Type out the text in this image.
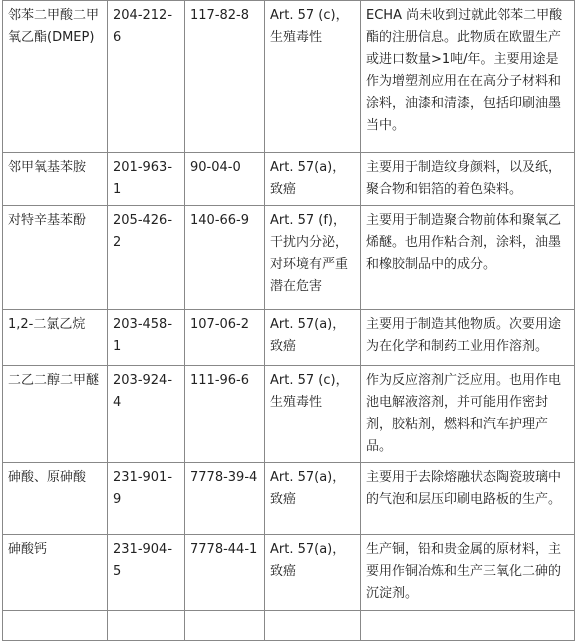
邻苯二甲酸二甲氧乙酯(DMEP)	204-212-6	117-82-8	Art. 57 (c)，生殖毒性	ECHA 尚未收到过就此邻苯二甲酸酯的注册信息。此物质在欧盟生产或进口数量>1吨/年。主要用途是作为增塑剂应用在在高分子材料和涂料，油漆和清漆，包括印刷油墨当中。
邻甲氧基苯胺	201-963-1	90-04-0	Art. 57(a)，致癌	主要用于制造纹身颜料，以及纸，聚合物和铝箔的着色染料。
对特辛基苯酚	205-426-2	140-66-9	Art. 57 (f)，干扰内分泌，对环境有严重潜在危害	主要用于制造聚合物前体和聚氧乙烯醚。也用作粘合剂，涂料，油墨和橡胶制品中的成分。
1,2-二氯乙烷	203-458-1	107-06-2	Art. 57(a)，致癌	主要用于制造其他物质。次要用途为在化学和制药工业用作溶剂。
二乙二醇二甲醚	203-924-4	111-96-6	Art. 57 (c)，生殖毒性	作为反应溶剂广泛应用。也用作电池电解液溶剂，并可能用作密封剂，胶粘剂，燃料和汽车护理产品。
砷酸、原砷酸	231-901-9	7778-39-4	Art. 57(a)，致癌	主要用于去除熔融状态陶瓷玻璃中的气泡和层压印刷电路板的生产。
砷酸钙	231-904-5	7778-44-1	Art. 57(a)，致癌	生产铜，铅和贵金属的原材料，主要用作铜冶炼和生产三氧化二砷的沉淀剂。
